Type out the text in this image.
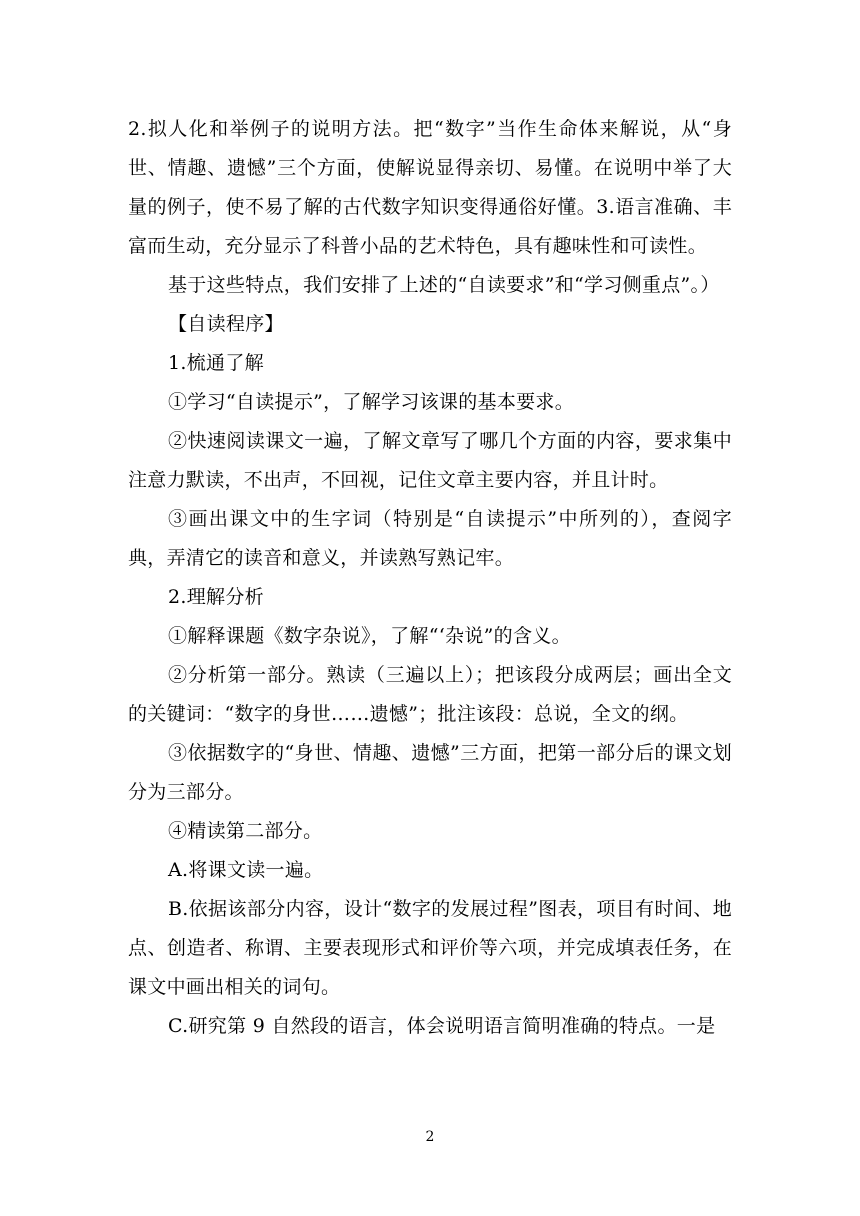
2.拟人化和举例子的说明方法。把“数字”当作生命体来解说，从“身世、情趣、遗憾”三个方面，使解说显得亲切、易懂。在说明中举了大量的例子，使不易了解的古代数字知识变得通俗好懂。3.语言准确、丰富而生动，充分显示了科普小品的艺术特色，具有趣味性和可读性。

基于这些特点，我们安排了上述的“自读要求”和“学习侧重点”。）

【自读程序】

1.梳通了解

①学习“自读提示”，了解学习该课的基本要求。

②快速阅读课文一遍，了解文章写了哪几个方面的内容，要求集中注意力默读，不出声，不回视，记住文章主要内容，并且计时。

③画出课文中的生字词（特别是“自读提示”中所列的），查阅字典，弄清它的读音和意义，并读熟写熟记牢。

2.理解分析

①解释课题《数字杂说》，了解“‘杂说”的含义。

②分析第一部分。熟读（三遍以上）；把该段分成两层；画出全文的关键词：“数字的身世……遗憾”；批注该段：总说，全文的纲。

③依据数字的“身世、情趣、遗憾”三方面，把第一部分后的课文划分为三部分。

④精读第二部分。

A.将课文读一遍。

B.依据该部分内容，设计“数字的发展过程”图表，项目有时间、地点、创造者、称谓、主要表现形式和评价等六项，并完成填表任务，在课文中画出相关的词句。

C.研究第 9 自然段的语言，体会说明语言简明准确的特点。一是

2
